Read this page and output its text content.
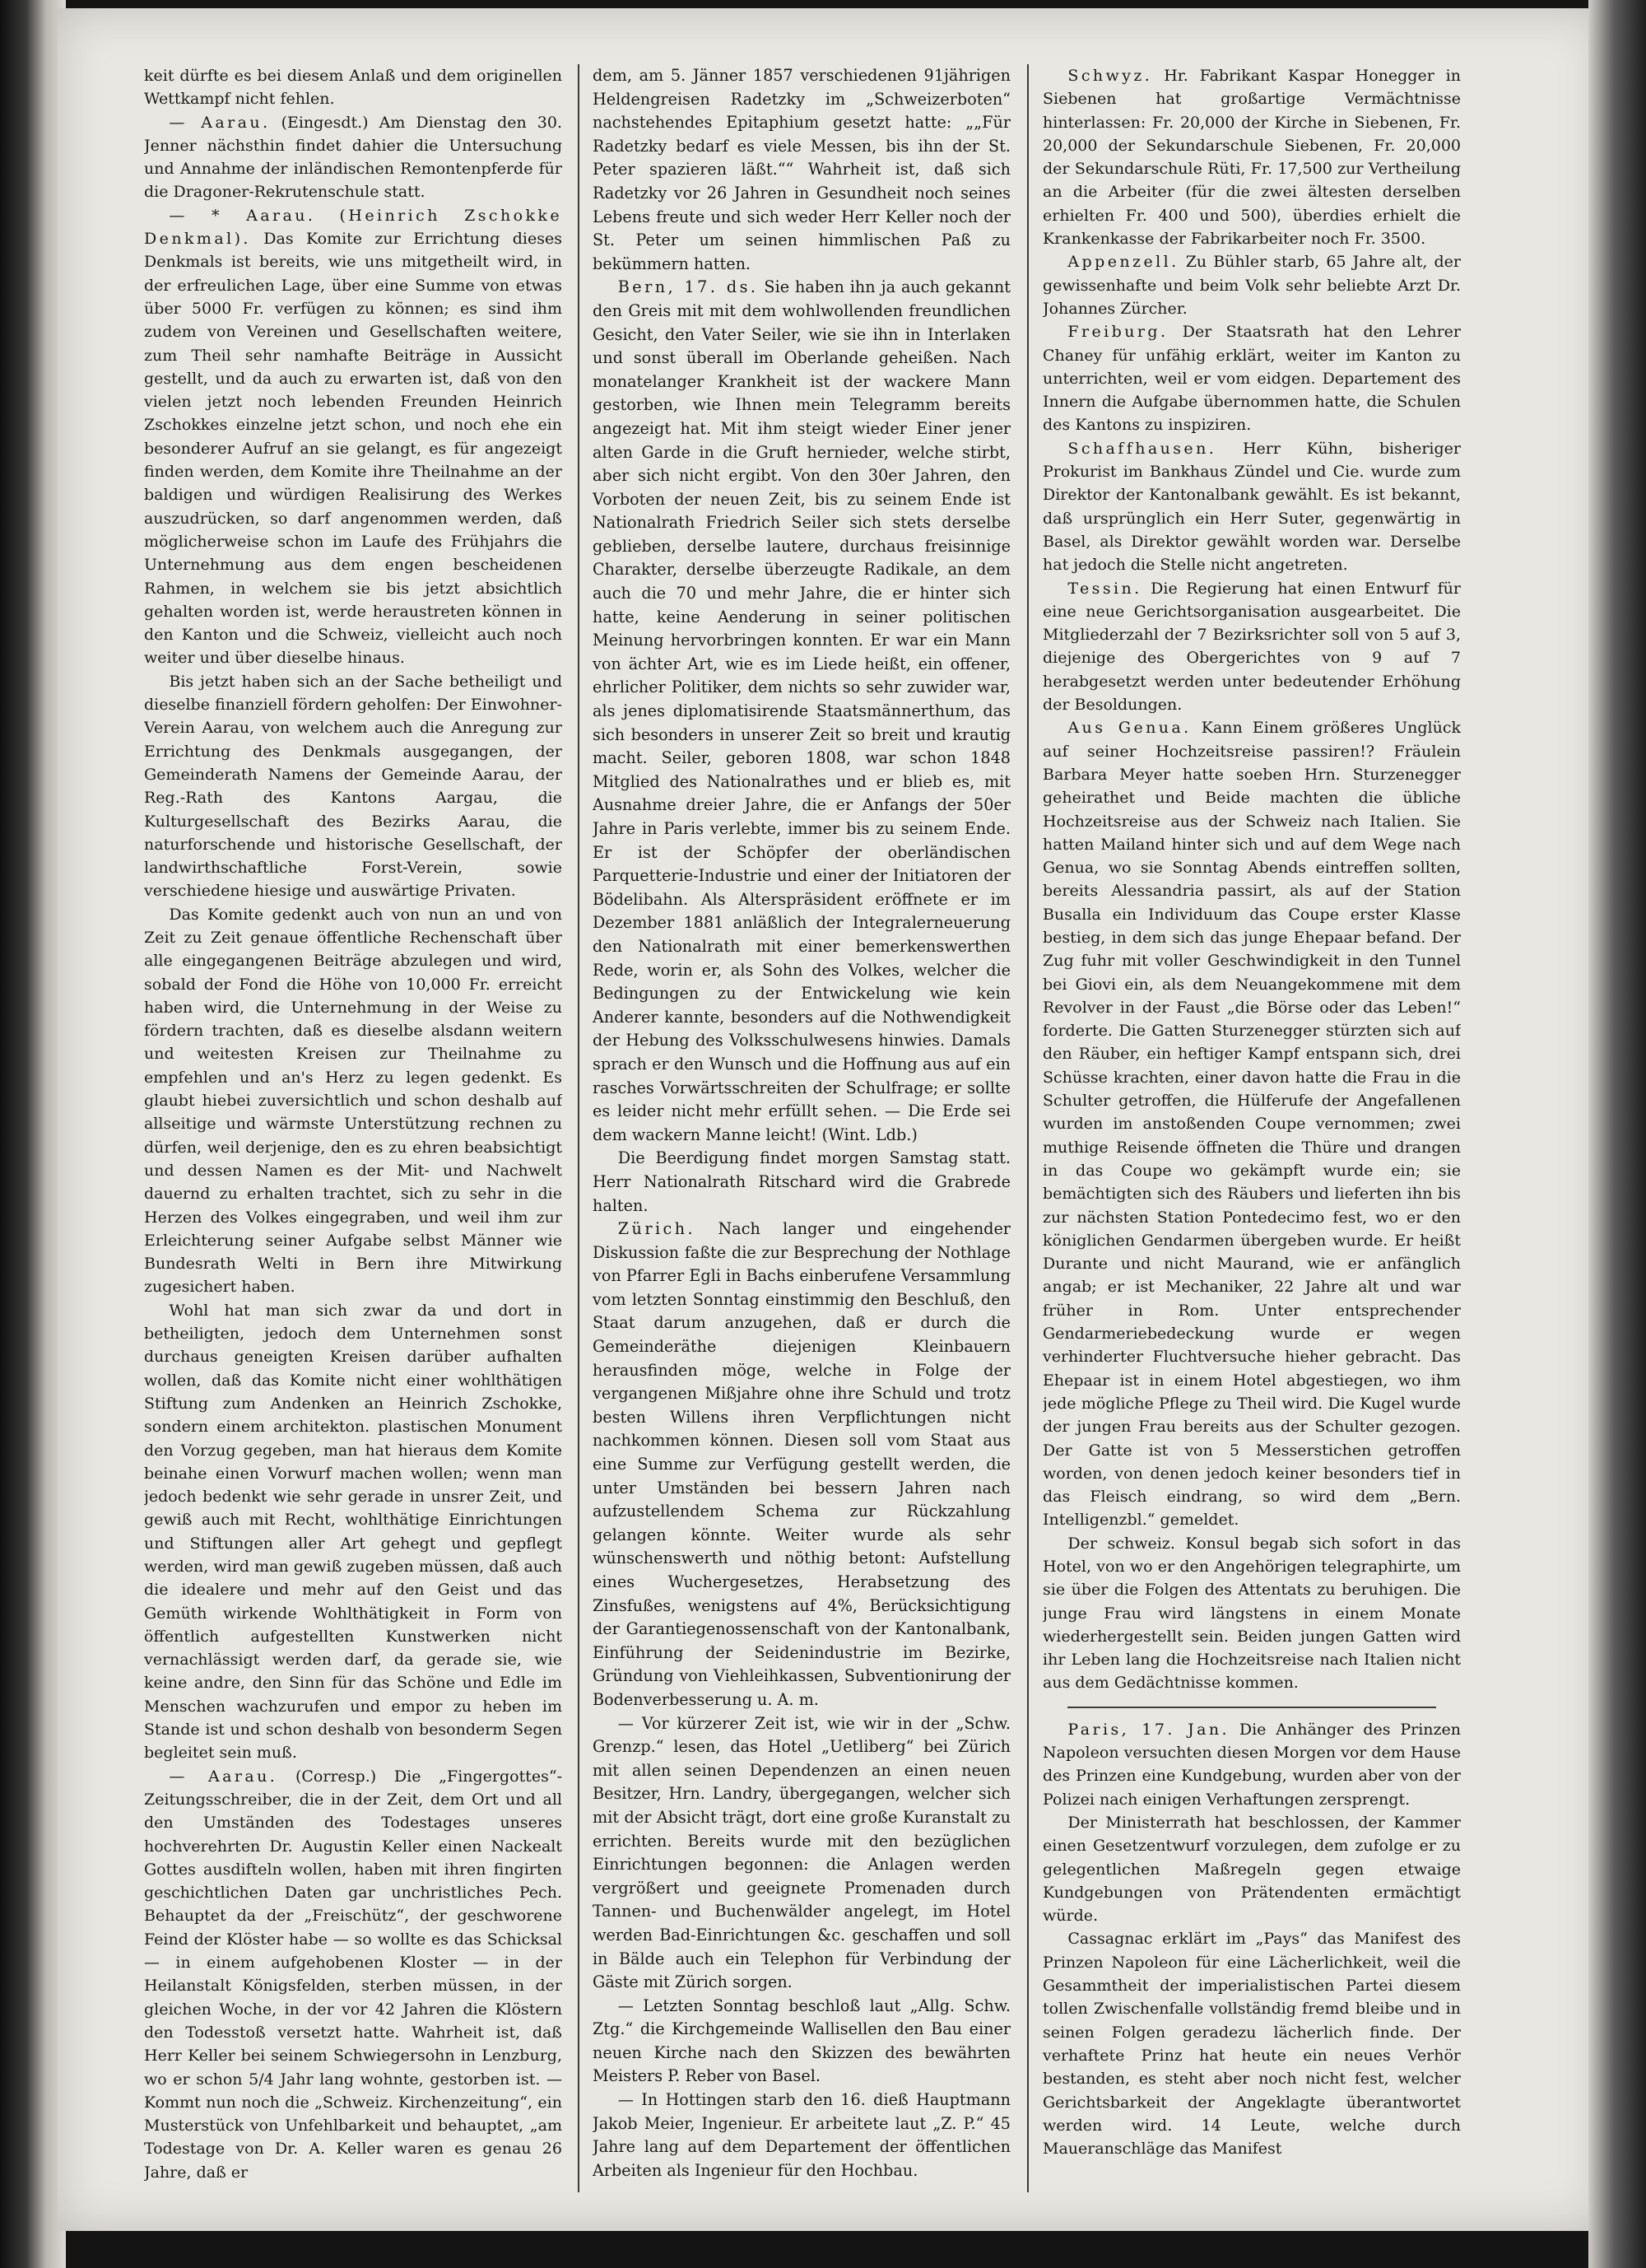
keit dürfte es bei diesem Anlaß und dem originellen Wettkampf nicht fehlen.

— Aarau. (Eingesdt.) Am Dienstag den 30. Jenner nächsthin findet dahier die Untersuchung und Annahme der inländischen Remontenpferde für die Dragoner-Rekrutenschule statt.

— * Aarau. (Heinrich Zschokke Denkmal). Das Komite zur Errichtung dieses Denkmals ist bereits, wie uns mitgetheilt wird, in der erfreulichen Lage, über eine Summe von etwas über 5000 Fr. verfügen zu können; es sind ihm zudem von Vereinen und Gesellschaften weitere, zum Theil sehr namhafte Beiträge in Aussicht gestellt, und da auch zu erwarten ist, daß von den vielen jetzt noch lebenden Freunden Heinrich Zschokkes einzelne jetzt schon, und noch ehe ein besonderer Aufruf an sie gelangt, es für angezeigt finden werden, dem Komite ihre Theilnahme an der baldigen und würdigen Realisirung des Werkes auszudrücken, so darf angenommen werden, daß möglicherweise schon im Laufe des Frühjahrs die Unternehmung aus dem engen bescheidenen Rahmen, in welchem sie bis jetzt absichtlich gehalten worden ist, werde heraustreten können in den Kanton und die Schweiz, vielleicht auch noch weiter und über dieselbe hinaus.

Bis jetzt haben sich an der Sache betheiligt und dieselbe finanziell fördern geholfen: Der Einwohner-Verein Aarau, von welchem auch die Anregung zur Errichtung des Denkmals ausgegangen, der Gemeinderath Namens der Gemeinde Aarau, der Reg.-Rath des Kantons Aargau, die Kulturgesellschaft des Bezirks Aarau, die naturforschende und historische Gesellschaft, der landwirthschaftliche Forst-Verein, sowie verschiedene hiesige und auswärtige Privaten.

Das Komite gedenkt auch von nun an und von Zeit zu Zeit genaue öffentliche Rechenschaft über alle eingegangenen Beiträge abzulegen und wird, sobald der Fond die Höhe von 10,000 Fr. erreicht haben wird, die Unternehmung in der Weise zu fördern trachten, daß es dieselbe alsdann weitern und weitesten Kreisen zur Theilnahme zu empfehlen und an's Herz zu legen gedenkt. Es glaubt hiebei zuversichtlich und schon deshalb auf allseitige und wärmste Unterstützung rechnen zu dürfen, weil derjenige, den es zu ehren beabsichtigt und dessen Namen es der Mit- und Nachwelt dauernd zu erhalten trachtet, sich zu sehr in die Herzen des Volkes eingegraben, und weil ihm zur Erleichterung seiner Aufgabe selbst Männer wie Bundesrath Welti in Bern ihre Mitwirkung zugesichert haben.

Wohl hat man sich zwar da und dort in betheiligten, jedoch dem Unternehmen sonst durchaus geneigten Kreisen darüber aufhalten wollen, daß das Komite nicht einer wohlthätigen Stiftung zum Andenken an Heinrich Zschokke, sondern einem architekton. plastischen Monument den Vorzug gegeben, man hat hieraus dem Komite beinahe einen Vorwurf machen wollen; wenn man jedoch bedenkt wie sehr gerade in unsrer Zeit, und gewiß auch mit Recht, wohlthätige Einrichtungen und Stiftungen aller Art gehegt und gepflegt werden, wird man gewiß zugeben müssen, daß auch die idealere und mehr auf den Geist und das Gemüth wirkende Wohlthätigkeit in Form von öffentlich aufgestellten Kunstwerken nicht vernachlässigt werden darf, da gerade sie, wie keine andre, den Sinn für das Schöne und Edle im Menschen wachzurufen und empor zu heben im Stande ist und schon deshalb von besonderm Segen begleitet sein muß.

— Aarau. (Corresp.) Die „Fingergottes“-Zeitungsschreiber, die in der Zeit, dem Ort und all den Umständen des Todestages unseres hochverehrten Dr. Augustin Keller einen Nackealt Gottes ausdifteln wollen, haben mit ihren fingirten geschichtlichen Daten gar unchristliches Pech. Behauptet da der „Freischütz“, der geschworene Feind der Klöster habe — so wollte es das Schicksal — in einem aufgehobenen Kloster — in der Heilanstalt Königsfelden, sterben müssen, in der gleichen Woche, in der vor 42 Jahren die Klöstern den Todesstoß versetzt hatte. Wahrheit ist, daß Herr Keller bei seinem Schwiegersohn in Lenzburg, wo er schon 5/4 Jahr lang wohnte, gestorben ist. — Kommt nun noch die „Schweiz. Kirchenzeitung“, ein Musterstück von Unfehlbarkeit und behauptet, „am Todestage von Dr. A. Keller waren es genau 26 Jahre, daß er

dem, am 5. Jänner 1857 verschiedenen 91jährigen Heldengreisen Radetzky im „Schweizerboten“ nachstehendes Epitaphium gesetzt hatte: „„Für Radetzky bedarf es viele Messen, bis ihn der St. Peter spazieren läßt.““ Wahrheit ist, daß sich Radetzky vor 26 Jahren in Gesundheit noch seines Lebens freute und sich weder Herr Keller noch der St. Peter um seinen himmlischen Paß zu bekümmern hatten.

Bern, 17. ds. Sie haben ihn ja auch gekannt den Greis mit mit dem wohlwollenden freundlichen Gesicht, den Vater Seiler, wie sie ihn in Interlaken und sonst überall im Oberlande geheißen. Nach monatelanger Krankheit ist der wackere Mann gestorben, wie Ihnen mein Telegramm bereits angezeigt hat. Mit ihm steigt wieder Einer jener alten Garde in die Gruft hernieder, welche stirbt, aber sich nicht ergibt. Von den 30er Jahren, den Vorboten der neuen Zeit, bis zu seinem Ende ist Nationalrath Friedrich Seiler sich stets derselbe geblieben, derselbe lautere, durchaus freisinnige Charakter, derselbe überzeugte Radikale, an dem auch die 70 und mehr Jahre, die er hinter sich hatte, keine Aenderung in seiner politischen Meinung hervorbringen konnten. Er war ein Mann von ächter Art, wie es im Liede heißt, ein offener, ehrlicher Politiker, dem nichts so sehr zuwider war, als jenes diplomatisirende Staatsmännerthum, das sich besonders in unserer Zeit so breit und krautig macht. Seiler, geboren 1808, war schon 1848 Mitglied des Nationalrathes und er blieb es, mit Ausnahme dreier Jahre, die er Anfangs der 50er Jahre in Paris verlebte, immer bis zu seinem Ende. Er ist der Schöpfer der oberländischen Parquetterie-Industrie und einer der Initiatoren der Bödelibahn. Als Alterspräsident eröffnete er im Dezember 1881 anläßlich der Integralerneuerung den Nationalrath mit einer bemerkenswerthen Rede, worin er, als Sohn des Volkes, welcher die Bedingungen zu der Entwickelung wie kein Anderer kannte, besonders auf die Nothwendigkeit der Hebung des Volksschulwesens hinwies. Damals sprach er den Wunsch und die Hoffnung aus auf ein rasches Vorwärtsschreiten der Schulfrage; er sollte es leider nicht mehr erfüllt sehen. — Die Erde sei dem wackern Manne leicht! (Wint. Ldb.)

Die Beerdigung findet morgen Samstag statt. Herr Nationalrath Ritschard wird die Grabrede halten.

Zürich. Nach langer und eingehender Diskussion faßte die zur Besprechung der Nothlage von Pfarrer Egli in Bachs einberufene Versammlung vom letzten Sonntag einstimmig den Beschluß, den Staat darum anzugehen, daß er durch die Gemeinderäthe diejenigen Kleinbauern herausfinden möge, welche in Folge der vergangenen Mißjahre ohne ihre Schuld und trotz besten Willens ihren Verpflichtungen nicht nachkommen können. Diesen soll vom Staat aus eine Summe zur Verfügung gestellt werden, die unter Umständen bei bessern Jahren nach aufzustellendem Schema zur Rückzahlung gelangen könnte. Weiter wurde als sehr wünschenswerth und nöthig betont: Aufstellung eines Wuchergesetzes, Herabsetzung des Zinsfußes, wenigstens auf 4%, Berücksichtigung der Garantiegenossenschaft von der Kantonalbank, Einführung der Seidenindustrie im Bezirke, Gründung von Viehleihkassen, Subventionirung der Bodenverbesserung u. A. m.

— Vor kürzerer Zeit ist, wie wir in der „Schw. Grenzp.“ lesen, das Hotel „Uetliberg“ bei Zürich mit allen seinen Dependenzen an einen neuen Besitzer, Hrn. Landry, übergegangen, welcher sich mit der Absicht trägt, dort eine große Kuranstalt zu errichten. Bereits wurde mit den bezüglichen Einrichtungen begonnen: die Anlagen werden vergrößert und geeignete Promenaden durch Tannen- und Buchenwälder angelegt, im Hotel werden Bad-Einrichtungen &c. geschaffen und soll in Bälde auch ein Telephon für Verbindung der Gäste mit Zürich sorgen.

— Letzten Sonntag beschloß laut „Allg. Schw. Ztg.“ die Kirchgemeinde Wallisellen den Bau einer neuen Kirche nach den Skizzen des bewährten Meisters P. Reber von Basel.

— In Hottingen starb den 16. dieß Hauptmann Jakob Meier, Ingenieur. Er arbeitete laut „Z. P.“ 45 Jahre lang auf dem Departement der öffentlichen Arbeiten als Ingenieur für den Hochbau.

Schwyz. Hr. Fabrikant Kaspar Honegger in Siebenen hat großartige Vermächtnisse hinterlassen: Fr. 20,000 der Kirche in Siebenen, Fr. 20,000 der Sekundarschule Siebenen, Fr. 20,000 der Sekundarschule Rüti, Fr. 17,500 zur Vertheilung an die Arbeiter (für die zwei ältesten derselben erhielten Fr. 400 und 500), überdies erhielt die Krankenkasse der Fabrikarbeiter noch Fr. 3500.

Appenzell. Zu Bühler starb, 65 Jahre alt, der gewissenhafte und beim Volk sehr beliebte Arzt Dr. Johannes Zürcher.

Freiburg. Der Staatsrath hat den Lehrer Chaney für unfähig erklärt, weiter im Kanton zu unterrichten, weil er vom eidgen. Departement des Innern die Aufgabe übernommen hatte, die Schulen des Kantons zu inspiziren.

Schaffhausen. Herr Kühn, bisheriger Prokurist im Bankhaus Zündel und Cie. wurde zum Direktor der Kantonalbank gewählt. Es ist bekannt, daß ursprünglich ein Herr Suter, gegenwärtig in Basel, als Direktor gewählt worden war. Derselbe hat jedoch die Stelle nicht angetreten.

Tessin. Die Regierung hat einen Entwurf für eine neue Gerichtsorganisation ausgearbeitet. Die Mitgliederzahl der 7 Bezirksrichter soll von 5 auf 3, diejenige des Obergerichtes von 9 auf 7 herabgesetzt werden unter bedeutender Erhöhung der Besoldungen.

Aus Genua. Kann Einem größeres Unglück auf seiner Hochzeitsreise passiren!? Fräulein Barbara Meyer hatte soeben Hrn. Sturzenegger geheirathet und Beide machten die übliche Hochzeitsreise aus der Schweiz nach Italien. Sie hatten Mailand hinter sich und auf dem Wege nach Genua, wo sie Sonntag Abends eintreffen sollten, bereits Alessandria passirt, als auf der Station Busalla ein Individuum das Coupe erster Klasse bestieg, in dem sich das junge Ehepaar befand. Der Zug fuhr mit voller Geschwindigkeit in den Tunnel bei Giovi ein, als dem Neuangekommene mit dem Revolver in der Faust „die Börse oder das Leben!“ forderte. Die Gatten Sturzenegger stürzten sich auf den Räuber, ein heftiger Kampf entspann sich, drei Schüsse krachten, einer davon hatte die Frau in die Schulter getroffen, die Hülferufe der Angefallenen wurden im anstoßenden Coupe vernommen; zwei muthige Reisende öffneten die Thüre und drangen in das Coupe wo gekämpft wurde ein; sie bemächtigten sich des Räubers und lieferten ihn bis zur nächsten Station Pontedecimo fest, wo er den königlichen Gendarmen übergeben wurde. Er heißt Durante und nicht Maurand, wie er anfänglich angab; er ist Mechaniker, 22 Jahre alt und war früher in Rom. Unter entsprechender Gendarmeriebedeckung wurde er wegen verhinderter Fluchtversuche hieher gebracht. Das Ehepaar ist in einem Hotel abgestiegen, wo ihm jede mögliche Pflege zu Theil wird. Die Kugel wurde der jungen Frau bereits aus der Schulter gezogen. Der Gatte ist von 5 Messerstichen getroffen worden, von denen jedoch keiner besonders tief in das Fleisch eindrang, so wird dem „Bern. Intelligenzbl.“ gemeldet.

Der schweiz. Konsul begab sich sofort in das Hotel, von wo er den Angehörigen telegraphirte, um sie über die Folgen des Attentats zu beruhigen. Die junge Frau wird längstens in einem Monate wiederhergestellt sein. Beiden jungen Gatten wird ihr Leben lang die Hochzeitsreise nach Italien nicht aus dem Gedächtnisse kommen.

Paris, 17. Jan. Die Anhänger des Prinzen Napoleon versuchten diesen Morgen vor dem Hause des Prinzen eine Kundgebung, wurden aber von der Polizei nach einigen Verhaftungen zersprengt.

Der Ministerrath hat beschlossen, der Kammer einen Gesetzentwurf vorzulegen, dem zufolge er zu gelegentlichen Maßregeln gegen etwaige Kundgebungen von Prätendenten ermächtigt würde.

Cassagnac erklärt im „Pays“ das Manifest des Prinzen Napoleon für eine Lächerlichkeit, weil die Gesammtheit der imperialistischen Partei diesem tollen Zwischenfalle vollständig fremd bleibe und in seinen Folgen geradezu lächerlich finde. Der verhaftete Prinz hat heute ein neues Verhör bestanden, es steht aber noch nicht fest, welcher Gerichtsbarkeit der Angeklagte überantwortet werden wird. 14 Leute, welche durch Maueranschläge das Manifest
